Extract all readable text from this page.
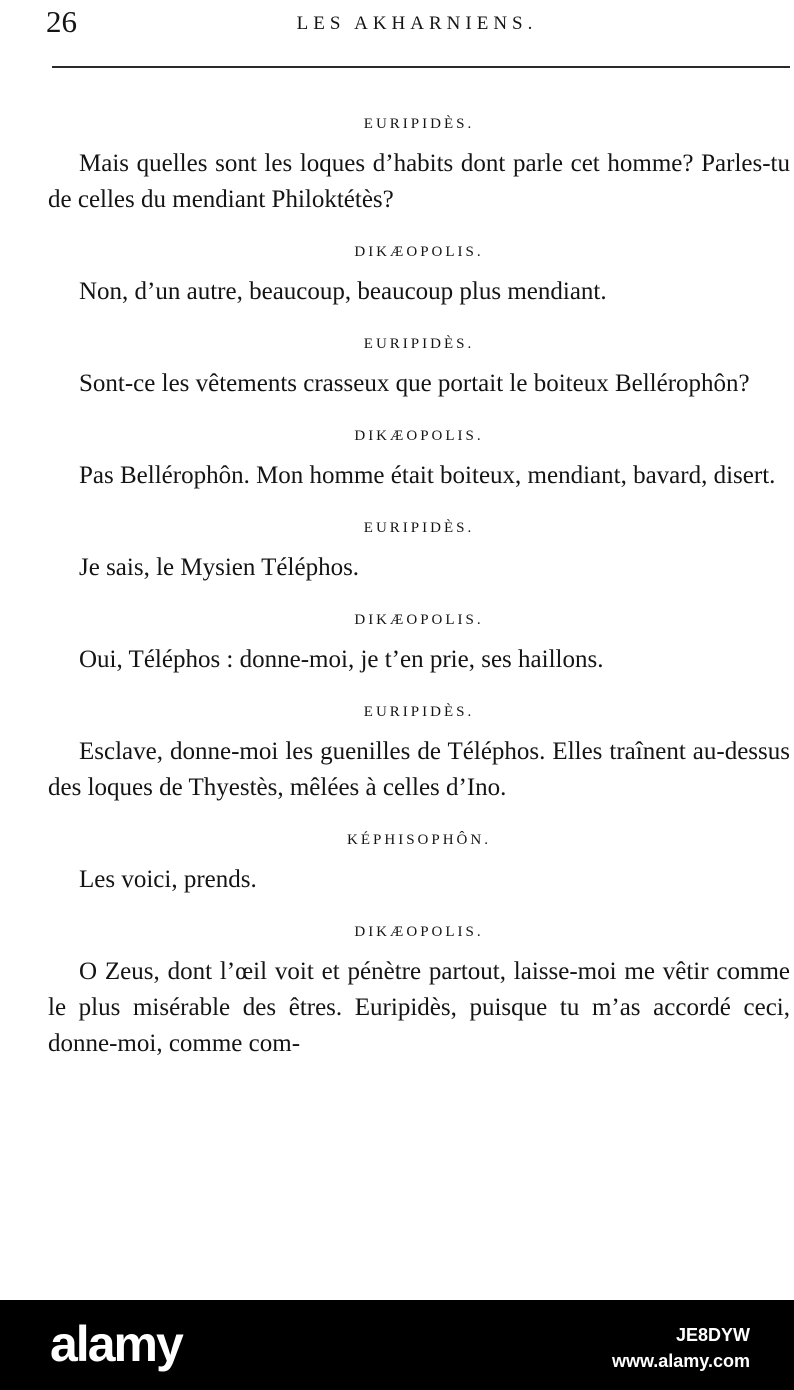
26	LES AKHARNIENS.
EURIPIDÈS.

Mais quelles sont les loques d’habits dont parle cet homme? Parles-tu de celles du mendiant Philoktétès?

DIKÆOPOLIS.

Non, d’un autre, beaucoup, beaucoup plus mendiant.

EURIPIDÈS.

Sont-ce les vêtements crasseux que portait le boiteux Bellérophôn?

DIKÆOPOLIS.

Pas Bellérophôn. Mon homme était boiteux, mendiant, bavard, disert.

EURIPIDÈS.

Je sais, le Mysien Téléphos.

DIKÆOPOLIS.

Oui, Téléphos : donne-moi, je t’en prie, ses haillons.

EURIPIDÈS.

Esclave, donne-moi les guenilles de Téléphos. Elles traînent au-dessus des loques de Thyestès, mêlées à celles d’Ino.

KÉPHISOPHÔN.

Les voici, prends.

DIKÆOPOLIS.

O Zeus, dont l’œil voit et pénètre partout, laisse-moi me vêtir comme le plus misérable des êtres. Euripidès, puisque tu m’as accordé ceci, donne-moi, comme com-

alamy	JE8DYW
www.alamy.com
